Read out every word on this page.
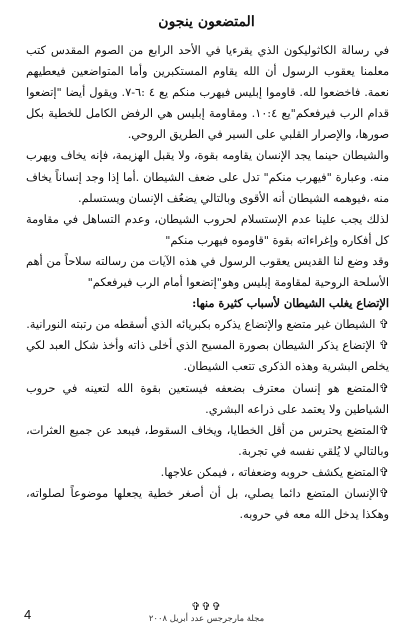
المتضعون ينجون

في رسالة الكاثوليكون الذي يقرءيا في الأحد الرابع من الصوم المقدس كتب معلمنا يعقوب الرسول أن الله يقاوم المستكبرين وأما المتواضعين فيعطيهم نعمة. فاخضعوا لله. قاوموا إبليس فيهرب منكم يع ٤ :٦-٧. ويقول أيضا "إتضعوا قدام الرب فيرفعكم"يع ١٠:٤. ومقاومة إبليس هي الرفض الكامل للخطية بكل صورها، والإصرار القلبي على السير في الطريق الروحي.

والشيطان حينما يجد الإنسان يقاومه بقوة، ولا يقبل الهزيمة، فإنه يخاف ويهرب منه. وعبارة "فيهرب منكم" تدل على ضعف الشيطان .أما إذا وجد إنساناً يخاف منه ،فيوهمه الشيطان أنه الأقوى وبالتالي يضعُف الإنسان ويستسلم.

لذلك يجب علينا عدم الإستسلام لحروب الشيطان، وعدم التساهل في مقاومة كل أفكاره وإغراءاته بقوة "قاوموه فيهرب منكم"

وقد وضع لنا القديس يعقوب الرسول في هذه الآيات من رسالته سلاحاً من أهم الأسلحة الروحية لمقاومة إبليس وهو"إتضعوا أمام الرب فيرفعكم"

الإتضاع يغلب الشيطان لأسباب كثيرة منها:

✞ الشيطان غير متضع والإتضاع يذكره بكبريائه الذي أسقطه من رتبته النورانية.

✞ الإتضاع يذكر الشيطان بصورة المسيح الذي أخلى ذاته وأخذ شكل العبد لكي يخلص البشرية وهذه الذكرى تتعب الشيطان.

✞المتضع هو إنسان معترف بضعفه فيستعين بقوة الله لتعينه في حروب الشياطين ولا يعتمد على ذراعه البشري.

✞المتضع يحترس من أقل الخطايا، ويخاف السقوط، فيبعد عن جميع العثرات، وبالتالي لا يُلقي نفسه في تجربة.

✞المتضع يكشف حروبه وضعفاته ، فيمكن علاجها.

✞الإنسان المتضع دائما يصلي، بل أن أصغر خطية يجعلها موضوعاً لصلواته، وهكذا يدخل الله معه في حروبه.

✞✞✞
مجلة مارجرجس عدد أبريل ٢٠٠٨
4
